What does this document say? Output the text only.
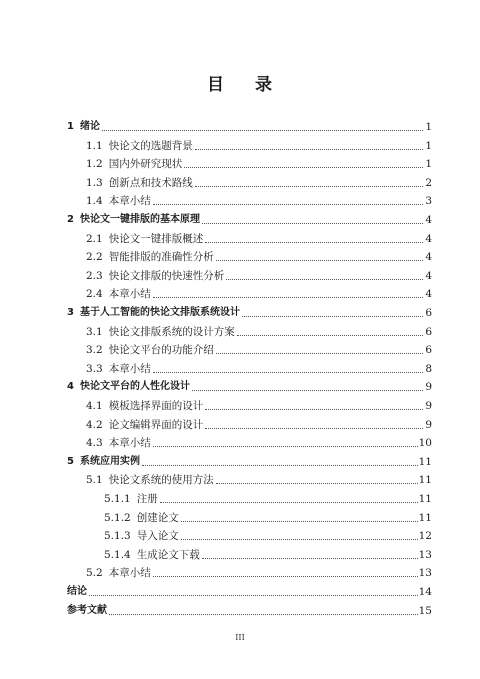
目 录
1 绪论	1
1.1 快论文的选题背景	1
1.2 国内外研究现状	1
1.3 创新点和技术路线	2
1.4 本章小结	3
2 快论文一键排版的基本原理	4
2.1 快论文一键排版概述	4
2.2 智能排版的准确性分析	4
2.3 快论文排版的快速性分析	4
2.4 本章小结	4
3 基于人工智能的快论文排版系统设计	6
3.1 快论文排版系统的设计方案	6
3.2 快论文平台的功能介绍	6
3.3 本章小结	8
4 快论文平台的人性化设计	9
4.1 模板选择界面的设计	9
4.2 论文编辑界面的设计	9
4.3 本章小结	10
5 系统应用实例	11
5.1 快论文系统的使用方法	11
5.1.1 注册	11
5.1.2 创建论文	11
5.1.3 导入论文	12
5.1.4 生成论文下载	13
5.2 本章小结	13
结论	14
参考文献	15
III
